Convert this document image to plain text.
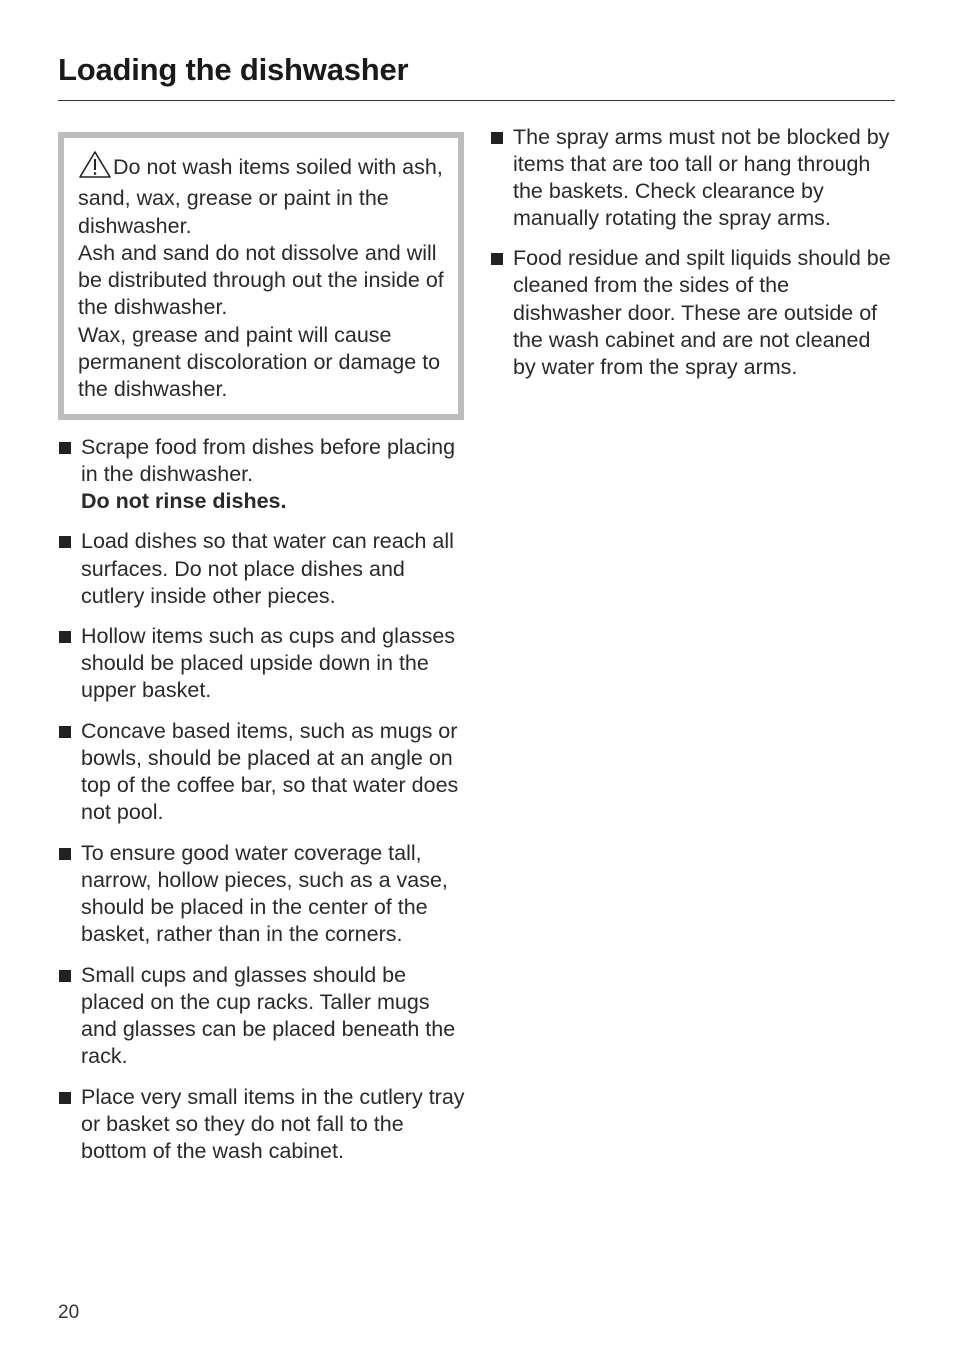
Loading the dishwasher

Do not wash items soiled with ash, sand, wax, grease or paint in the dishwasher.

Ash and sand do not dissolve and will be distributed through out the inside of the dishwasher.

Wax, grease and paint will cause permanent discoloration or damage to the dishwasher.

Scrape food from dishes before placing in the dishwasher.
Do not rinse dishes.
Load dishes so that water can reach all surfaces. Do not place dishes and cutlery inside other pieces.
Hollow items such as cups and glasses should be placed upside down in the upper basket.
Concave based items, such as mugs or bowls, should be placed at an angle on top of the coffee bar, so that water does not pool.
To ensure good water coverage tall, narrow, hollow pieces, such as a vase, should be placed in the center of the basket, rather than in the corners.
Small cups and glasses should be placed on the cup racks. Taller mugs and glasses can be placed beneath the rack.
Place very small items in the cutlery tray or basket so they do not fall to the bottom of the wash cabinet.
The spray arms must not be blocked by items that are too tall or hang through the baskets. Check clearance by manually rotating the spray arms.
Food residue and spilt liquids should be cleaned from the sides of the dishwasher door. These are outside of the wash cabinet and are not cleaned by water from the spray arms.
20
